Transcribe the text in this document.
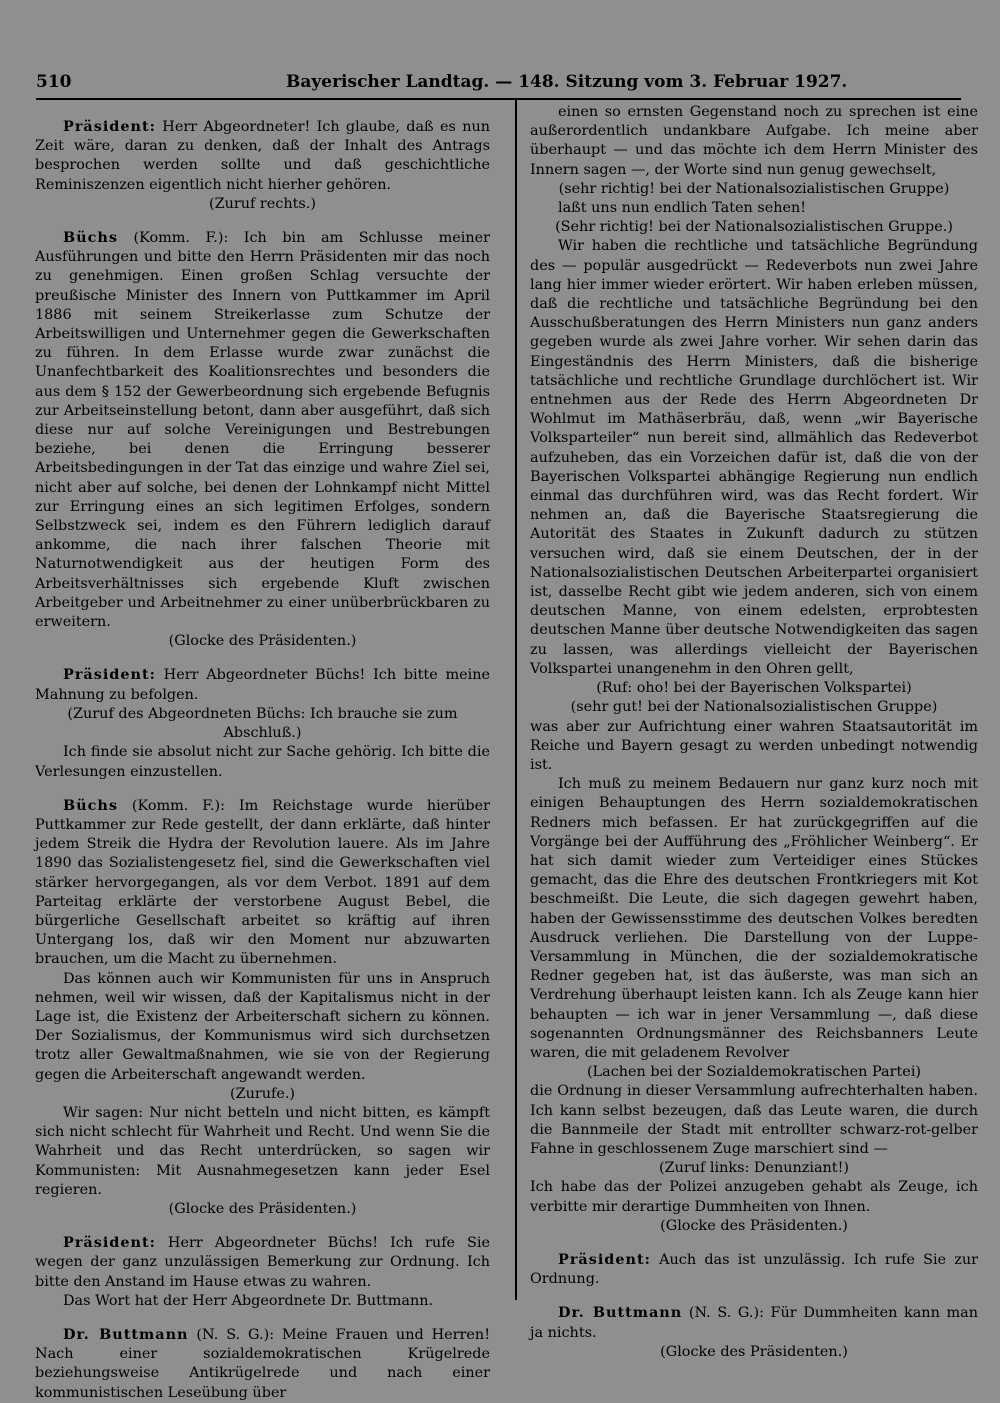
510	Bayerischer Landtag. — 148. Sitzung vom 3. Februar 1927.

Präsident: Herr Abgeordneter! Ich glaube, daß es nun Zeit wäre, daran zu denken, daß der Inhalt des Antrags besprochen werden sollte und daß geschichtliche Reminiszenzen eigentlich nicht hierher gehören.

(Zuruf rechts.)

Büchs (Komm. F.): Ich bin am Schlusse meiner Ausführungen und bitte den Herrn Präsidenten mir das noch zu genehmigen. Einen großen Schlag versuchte der preußische Minister des Innern von Puttkammer im April 1886 mit seinem Streikerlasse zum Schutze der Arbeitswilligen und Unternehmer gegen die Gewerkschaften zu führen. In dem Erlasse wurde zwar zunächst die Unanfechtbarkeit des Koalitionsrechtes und besonders die aus dem § 152 der Gewerbeordnung sich ergebende Befugnis zur Arbeitseinstellung betont, dann aber ausgeführt, daß sich diese nur auf solche Vereinigungen und Bestrebungen beziehe, bei denen die Erringung besserer Arbeitsbedingungen in der Tat das einzige und wahre Ziel sei, nicht aber auf solche, bei denen der Lohnkampf nicht Mittel zur Erringung eines an sich legitimen Erfolges, sondern Selbstzweck sei, indem es den Führern lediglich darauf ankomme, die nach ihrer falschen Theorie mit Naturnotwendigkeit aus der heutigen Form des Arbeitsverhältnisses sich ergebende Kluft zwischen Arbeitgeber und Arbeitnehmer zu einer unüberbrückbaren zu erweitern.

(Glocke des Präsidenten.)

Präsident: Herr Abgeordneter Büchs! Ich bitte meine Mahnung zu befolgen.

(Zuruf des Abgeordneten Büchs: Ich brauche sie zum Abschluß.)

Ich finde sie absolut nicht zur Sache gehörig. Ich bitte die Verlesungen einzustellen.

Büchs (Komm. F.): Im Reichstage wurde hierüber Puttkammer zur Rede gestellt, der dann erklärte, daß hinter jedem Streik die Hydra der Revolution lauere. Als im Jahre 1890 das Sozialistengesetz fiel, sind die Gewerkschaften viel stärker hervorgegangen, als vor dem Verbot. 1891 auf dem Parteitag erklärte der verstorbene August Bebel, die bürgerliche Gesellschaft arbeitet so kräftig auf ihren Untergang los, daß wir den Moment nur abzuwarten brauchen, um die Macht zu übernehmen.

Das können auch wir Kommunisten für uns in Anspruch nehmen, weil wir wissen, daß der Kapitalismus nicht in der Lage ist, die Existenz der Arbeiterschaft sichern zu können. Der Sozialismus, der Kommunismus wird sich durchsetzen trotz aller Gewaltmaßnahmen, wie sie von der Regierung gegen die Arbeiterschaft angewandt werden.

(Zurufe.)

Wir sagen: Nur nicht betteln und nicht bitten, es kämpft sich nicht schlecht für Wahrheit und Recht. Und wenn Sie die Wahrheit und das Recht unterdrücken, so sagen wir Kommunisten: Mit Ausnahmegesetzen kann jeder Esel regieren.

(Glocke des Präsidenten.)

Präsident: Herr Abgeordneter Büchs! Ich rufe Sie wegen der ganz unzulässigen Bemerkung zur Ordnung. Ich bitte den Anstand im Hause etwas zu wahren.

Das Wort hat der Herr Abgeordnete Dr. Buttmann.

Dr. Buttmann (N. S. G.): Meine Frauen und Herren! Nach einer sozialdemokratischen Krügelrede beziehungsweise Antikrügelrede und nach einer kommunistischen Leseübung über

einen so ernsten Gegenstand noch zu sprechen ist eine außerordentlich undankbare Aufgabe. Ich meine aber überhaupt — und das möchte ich dem Herrn Minister des Innern sagen —, der Worte sind nun genug gewechselt,

(sehr richtig! bei der Nationalsozialistischen Gruppe)

laßt uns nun endlich Taten sehen!

(Sehr richtig! bei der Nationalsozialistischen Gruppe.)

Wir haben die rechtliche und tatsächliche Begründung des — populär ausgedrückt — Redeverbots nun zwei Jahre lang hier immer wieder erörtert. Wir haben erleben müssen, daß die rechtliche und tatsächliche Begründung bei den Ausschußberatungen des Herrn Ministers nun ganz anders gegeben wurde als zwei Jahre vorher. Wir sehen darin das Eingeständnis des Herrn Ministers, daß die bisherige tatsächliche und rechtliche Grundlage durchlöchert ist. Wir entnehmen aus der Rede des Herrn Abgeordneten Dr Wohlmut im Mathäserbräu, daß, wenn „wir Bayerische Volksparteiler“ nun bereit sind, allmählich das Redeverbot aufzuheben, das ein Vorzeichen dafür ist, daß die von der Bayerischen Volkspartei abhängige Regierung nun endlich einmal das durchführen wird, was das Recht fordert. Wir nehmen an, daß die Bayerische Staatsregierung die Autorität des Staates in Zukunft dadurch zu stützen versuchen wird, daß sie einem Deutschen, der in der Nationalsozialistischen Deutschen Arbeiterpartei organisiert ist, dasselbe Recht gibt wie jedem anderen, sich von einem deutschen Manne, von einem edelsten, erprobtesten deutschen Manne über deutsche Notwendigkeiten das sagen zu lassen, was allerdings vielleicht der Bayerischen Volkspartei unangenehm in den Ohren gellt,

(Ruf: oho! bei der Bayerischen Volkspartei)

(sehr gut! bei der Nationalsozialistischen Gruppe)

was aber zur Aufrichtung einer wahren Staatsautorität im Reiche und Bayern gesagt zu werden unbedingt notwendig ist.

Ich muß zu meinem Bedauern nur ganz kurz noch mit einigen Behauptungen des Herrn sozialdemokratischen Redners mich befassen. Er hat zurückgegriffen auf die Vorgänge bei der Aufführung des „Fröhlicher Weinberg“. Er hat sich damit wieder zum Verteidiger eines Stückes gemacht, das die Ehre des deutschen Frontkriegers mit Kot beschmeißt. Die Leute, die sich dagegen gewehrt haben, haben der Gewissensstimme des deutschen Volkes beredten Ausdruck verliehen. Die Darstellung von der Luppe-Versammlung in München, die der sozialdemokratische Redner gegeben hat, ist das äußerste, was man sich an Verdrehung überhaupt leisten kann. Ich als Zeuge kann hier behaupten — ich war in jener Versammlung —, daß diese sogenannten Ordnungsmänner des Reichsbanners Leute waren, die mit geladenem Revolver

(Lachen bei der Sozialdemokratischen Partei)

die Ordnung in dieser Versammlung aufrechterhalten haben. Ich kann selbst bezeugen, daß das Leute waren, die durch die Bannmeile der Stadt mit entrollter schwarz-rot-gelber Fahne in geschlossenem Zuge marschiert sind —

(Zuruf links: Denunziant!)

Ich habe das der Polizei anzugeben gehabt als Zeuge, ich verbitte mir derartige Dummheiten von Ihnen.

(Glocke des Präsidenten.)

Präsident: Auch das ist unzulässig. Ich rufe Sie zur Ordnung.

Dr. Buttmann (N. S. G.): Für Dummheiten kann man ja nichts.

(Glocke des Präsidenten.)
